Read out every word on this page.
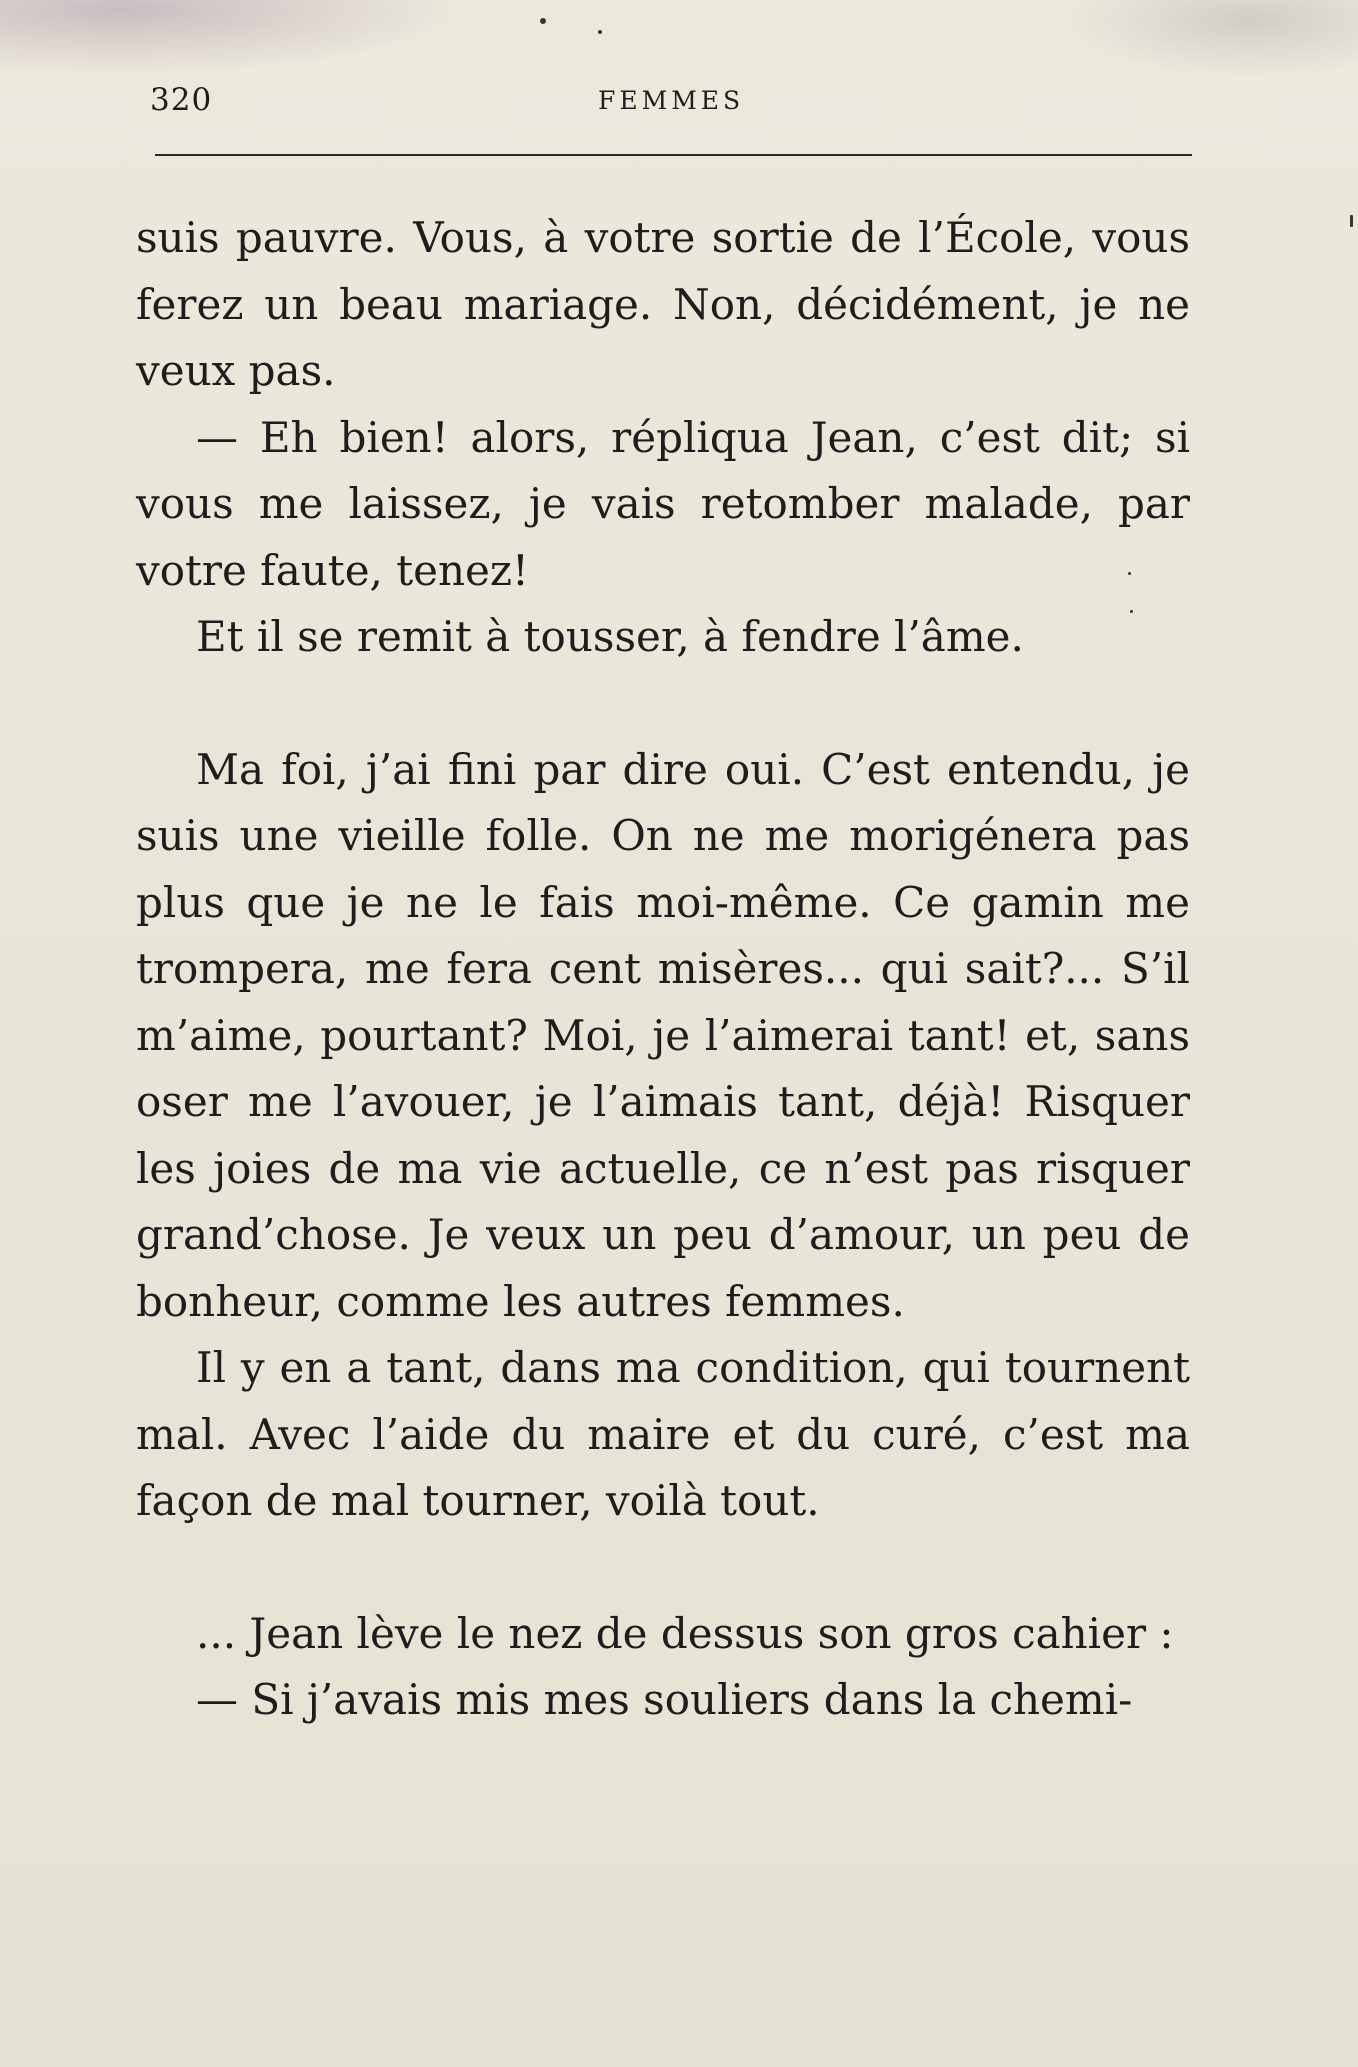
320	FEMMES

suis pauvre. Vous, à votre sortie de l’École, vous ferez un beau mariage. Non, décidément, je ne veux pas.

— Eh bien! alors, répliqua Jean, c’est dit; si vous me laissez, je vais retomber malade, par votre faute, tenez!

Et il se remit à tousser, à fendre l’âme.

Ma foi, j’ai fini par dire oui. C’est entendu, je suis une vieille folle. On ne me morigénera pas plus que je ne le fais moi-même. Ce gamin me trompera, me fera cent misères... qui sait?... S’il m’aime, pourtant? Moi, je l’aimerai tant! et, sans oser me l’avouer, je l’aimais tant, déjà! Risquer les joies de ma vie actuelle, ce n’est pas risquer grand’chose. Je veux un peu d’amour, un peu de bonheur, comme les autres femmes.

Il y en a tant, dans ma condition, qui tournent mal. Avec l’aide du maire et du curé, c’est ma façon de mal tourner, voilà tout.

... Jean lève le nez de dessus son gros cahier :

— Si j’avais mis mes souliers dans la chemi-
